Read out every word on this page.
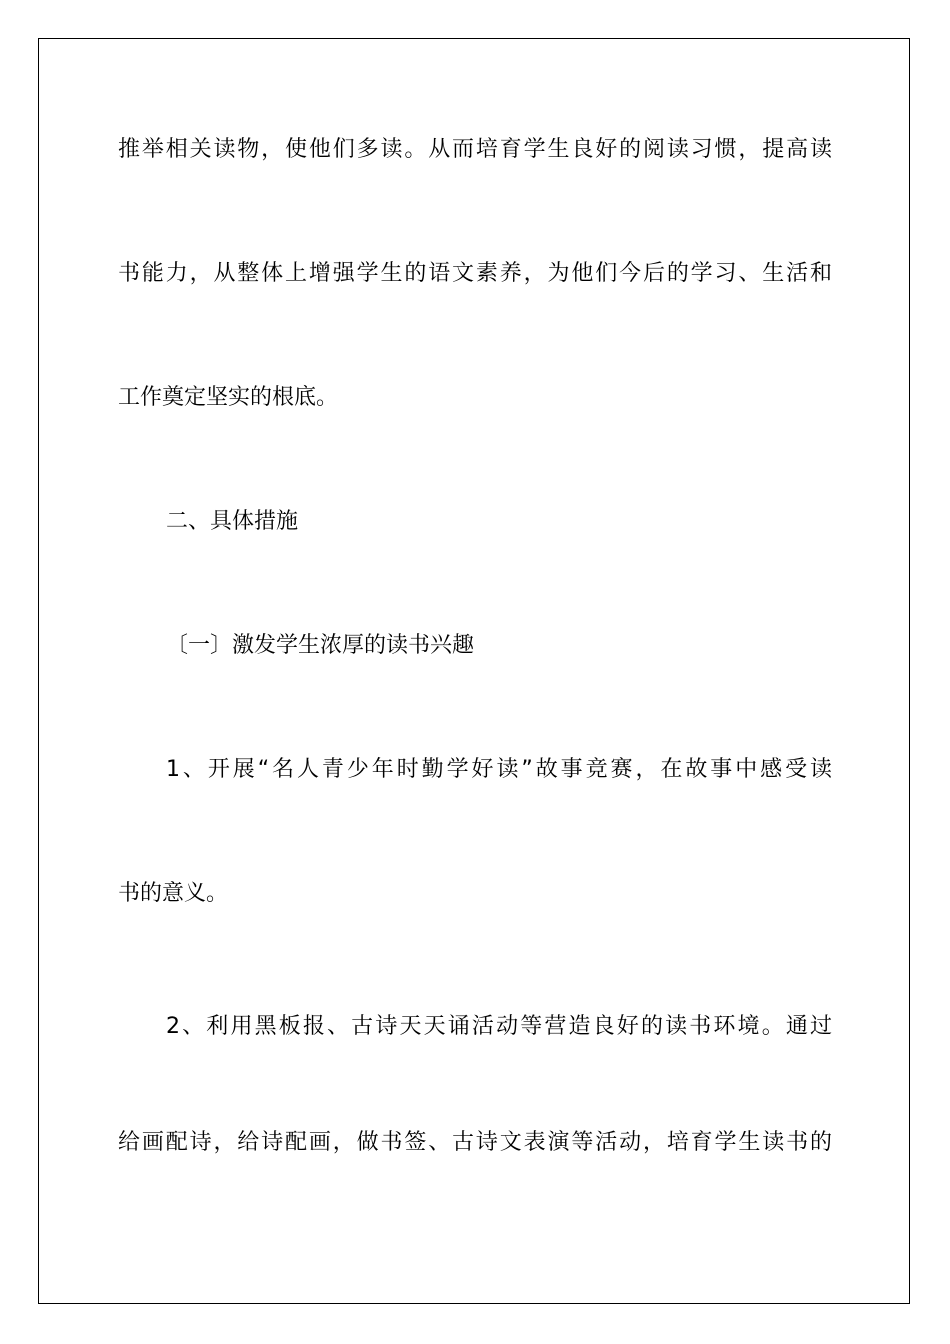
推举相关读物，使他们多读。从而培育学生良好的阅读习惯，提高读
书能力，从整体上增强学生的语文素养，为他们今后的学习、生活和
工作奠定坚实的根底。
二、具体措施
〔一〕激发学生浓厚的读书兴趣
1、开展“名人青少年时勤学好读”故事竞赛，在故事中感受读
书的意义。
2、利用黑板报、古诗天天诵活动等营造良好的读书环境。通过
给画配诗，给诗配画，做书签、古诗文表演等活动，培育学生读书的
